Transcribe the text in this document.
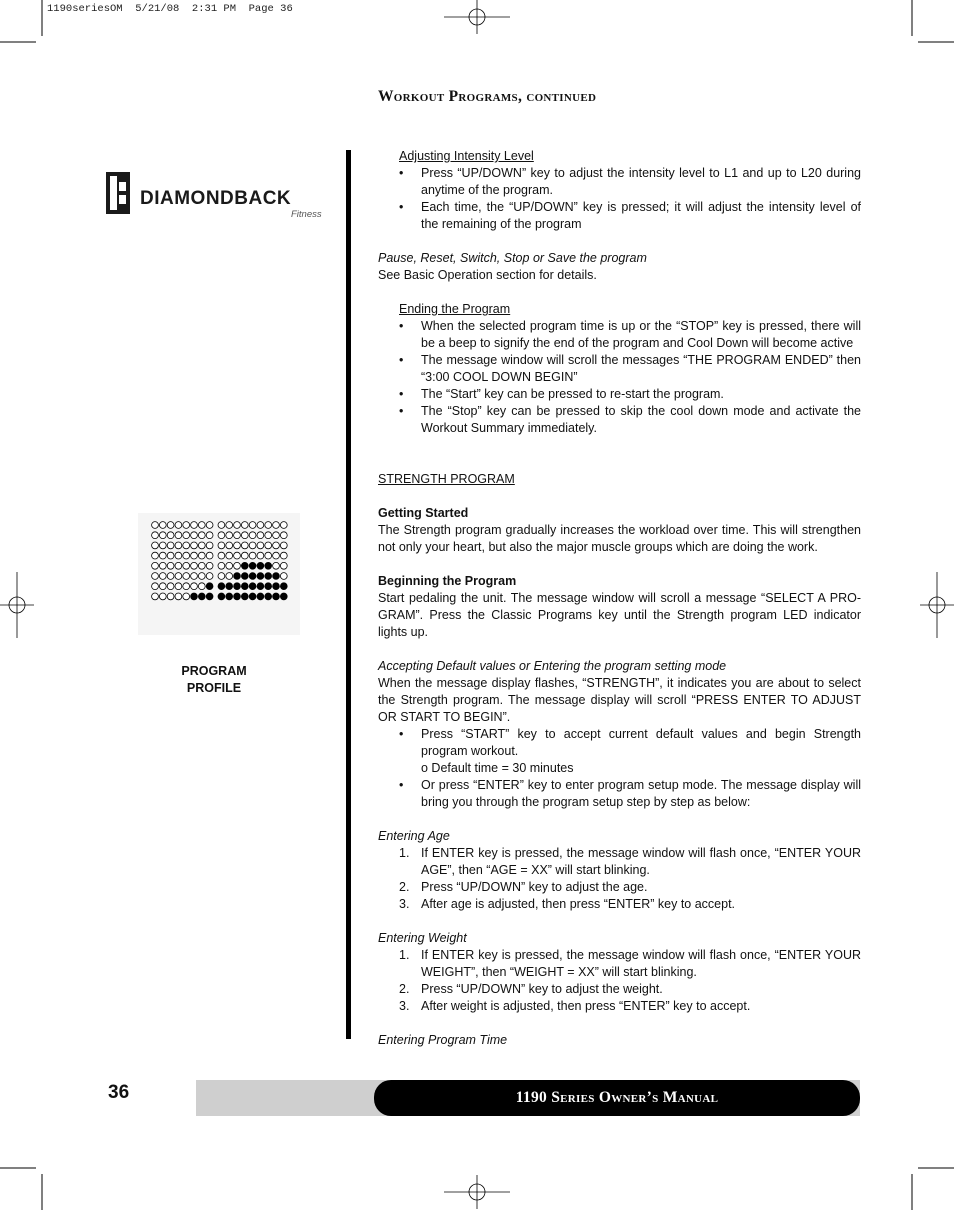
1190seriesOM  5/21/08  2:31 PM  Page 36
Workout Programs, continued
DIAMONDBACK
Fitness
PROGRAM
PROFILE

Adjusting Intensity Level

• Press “UP/DOWN” key to adjust the intensity level to L1 and up to L20 during anytime of the program.

• Each time, the “UP/DOWN” key is pressed; it will adjust the intensity level of the remaining of the program

Pause, Reset, Switch, Stop or Save the program

See Basic Operation section for details.

Ending the Program

• When the selected program time is up or the “STOP” key is pressed, there will be a beep to signify the end of the program and Cool Down will become active

• The message window will scroll the messages “THE PROGRAM ENDED” then “3:00 COOL DOWN BEGIN”

• The “Start” key can be pressed to re-start the program.

• The “Stop” key can be pressed to skip the cool down mode and activate the Workout Summary immediately.

STRENGTH PROGRAM

Getting Started

The Strength program gradually increases the workload over time. This will strengthen not only your heart, but also the major muscle groups which are doing the work.

Beginning the Program

Start pedaling the unit. The message window will scroll a message “SELECT A PRO-GRAM”. Press the Classic Programs key until the Strength program LED indicator lights up.

Accepting Default values or Entering the program setting mode

When the message display flashes, “STRENGTH”, it indicates you are about to select the Strength program. The message display will scroll “PRESS ENTER TO ADJUST OR START TO BEGIN”.

• Press “START” key to accept current default values and begin Strength program workout.

o Default time = 30 minutes

• Or press “ENTER” key to enter program setup mode. The message display will bring you through the program setup step by step as below:

Entering Age

1. If ENTER key is pressed, the message window will flash once, “ENTER YOUR AGE”, then “AGE = XX” will start blinking.

2. Press “UP/DOWN” key to adjust the age.

3. After age is adjusted, then press “ENTER” key to accept.

Entering Weight

1. If ENTER key is pressed, the message window will flash once, “ENTER YOUR WEIGHT”, then “WEIGHT = XX” will start blinking.

2. Press “UP/DOWN” key to adjust the weight.

3. After weight is adjusted, then press “ENTER” key to accept.

Entering Program Time

36	1190 Series Owner’s Manual
